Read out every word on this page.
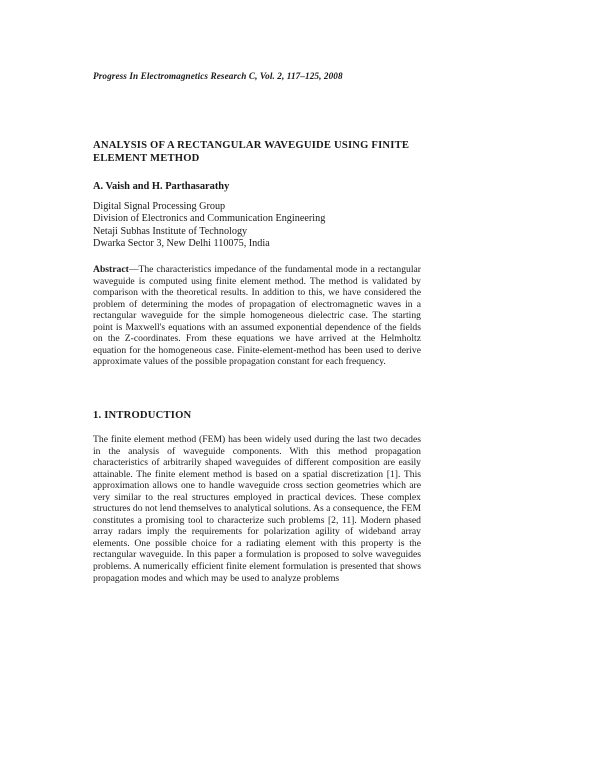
Progress In Electromagnetics Research C, Vol. 2, 117–125, 2008
ANALYSIS OF A RECTANGULAR WAVEGUIDE USING FINITE ELEMENT METHOD
A. Vaish and H. Parthasarathy
Digital Signal Processing Group
Division of Electronics and Communication Engineering
Netaji Subhas Institute of Technology
Dwarka Sector 3, New Delhi 110075, India
Abstract—The characteristics impedance of the fundamental mode in a rectangular waveguide is computed using finite element method. The method is validated by comparison with the theoretical results. In addition to this, we have considered the problem of determining the modes of propagation of electromagnetic waves in a rectangular waveguide for the simple homogeneous dielectric case. The starting point is Maxwell's equations with an assumed exponential dependence of the fields on the Z-coordinates. From these equations we have arrived at the Helmholtz equation for the homogeneous case. Finite-element-method has been used to derive approximate values of the possible propagation constant for each frequency.
1. INTRODUCTION
The finite element method (FEM) has been widely used during the last two decades in the analysis of waveguide components. With this method propagation characteristics of arbitrarily shaped waveguides of different composition are easily attainable. The finite element method is based on a spatial discretization [1]. This approximation allows one to handle waveguide cross section geometries which are very similar to the real structures employed in practical devices. These complex structures do not lend themselves to analytical solutions. As a consequence, the FEM constitutes a promising tool to characterize such problems [2, 11]. Modern phased array radars imply the requirements for polarization agility of wideband array elements. One possible choice for a radiating element with this property is the rectangular waveguide. In this paper a formulation is proposed to solve waveguides problems. A numerically efficient finite element formulation is presented that shows propagation modes and which may be used to analyze problems
